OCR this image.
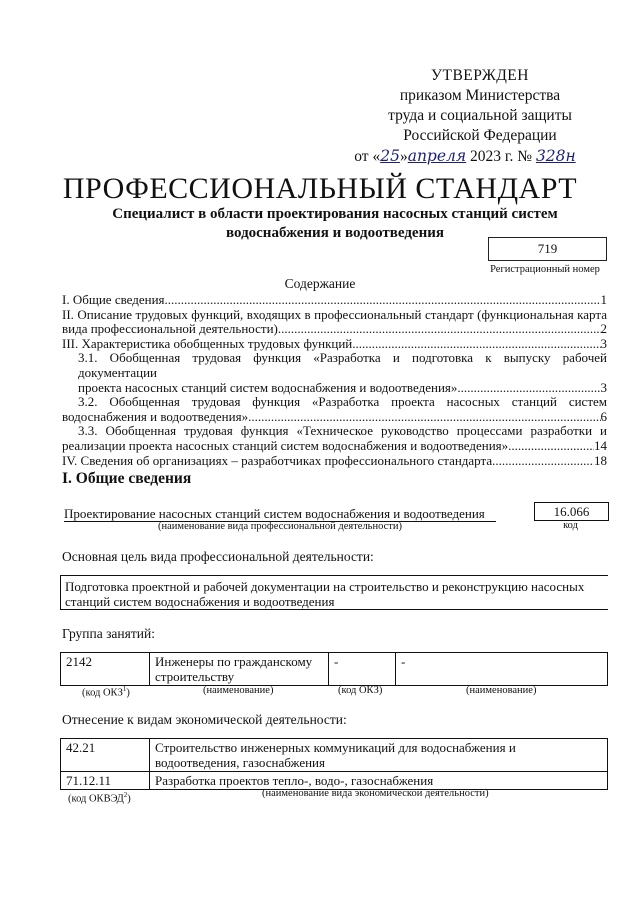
УТВЕРЖДЕН
приказом Министерства
труда и социальной защиты
Российской Федерации
от «25»апреля 2023 г. № 328н
ПРОФЕССИОНАЛЬНЫЙ СТАНДАРТ
Специалист в области проектирования насосных станций систем
водоснабжения и водоотведения
719
Регистрационный номер
Содержание
I. Общие сведения .....	1
II. Описание трудовых функций, входящих в профессиональный стандарт (функциональная карта
вида профессиональной деятельности) .....	2
III. Характеристика обобщенных трудовых функций .....	3
3.1. Обобщенная трудовая функция «Разработка и подготовка к выпуску рабочей документации
проекта насосных станций систем водоснабжения и водоотведения» .....	3
3.2. Обобщенная трудовая функция «Разработка проекта насосных станций систем
водоснабжения и водоотведения» .....	6
3.3. Обобщенная трудовая функция «Техническое руководство процессами разработки и
реализации проекта насосных станций систем водоснабжения и водоотведения» .....	14
IV. Сведения об организациях – разработчиках профессионального стандарта .....	18
I. Общие сведения
Проектирование насосных станций систем водоснабжения и водоотведения
(наименование вида профессиональной деятельности)
16.066
код
Основная цель вида профессиональной деятельности:
Подготовка проектной и рабочей документации на строительство и реконструкцию насосных
станций систем водоснабжения и водоотведения
Группа занятий:
2142	Инженеры по гражданскому строительству	-	-
(код ОКЗ$^1$)	(наименование)	(код ОКЗ)	(наименование)
Отнесение к видам экономической деятельности:
42.21	Строительство инженерных коммуникаций для водоснабжения и водоотведения, газоснабжения
71.12.11	Разработка проектов тепло-, водо-, газоснабжения
(код ОКВЭД$^2$)	(наименование вида экономической деятельности)
